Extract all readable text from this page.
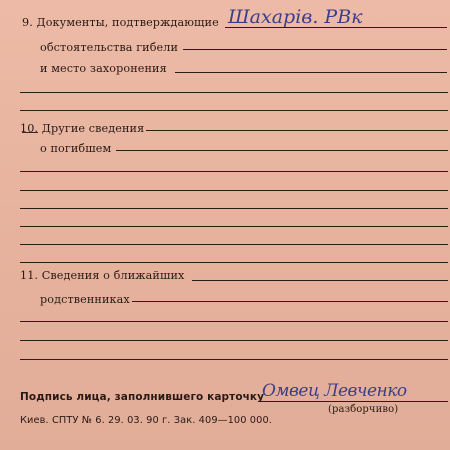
9. Документы, подтверждающие Шахарів. РВк
обстоятельства гибели
и место захоронения
10. Другие сведения
о погибшем
11. Сведения о ближайших
родственниках
Подпись лица, заполнившего карточку
Омвец Левченко
(разборчиво)
Киев. СПТУ № 6. 29. 03. 90 г. Зак. 409—100 000.
